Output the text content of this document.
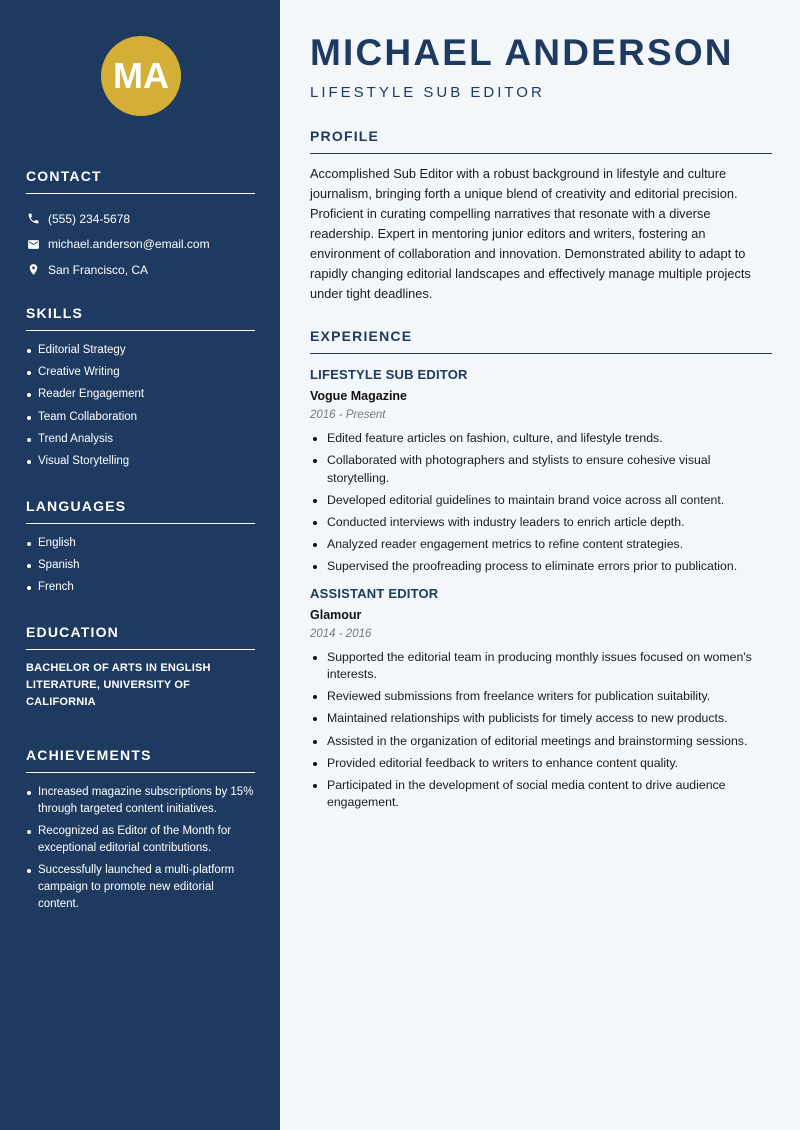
MA
CONTACT
(555) 234-5678
michael.anderson@email.com
San Francisco, CA
SKILLS
Editorial Strategy
Creative Writing
Reader Engagement
Team Collaboration
Trend Analysis
Visual Storytelling
LANGUAGES
English
Spanish
French
EDUCATION

BACHELOR OF ARTS IN ENGLISH LITERATURE, UNIVERSITY OF CALIFORNIA

ACHIEVEMENTS
Increased magazine subscriptions by 15% through targeted content initiatives.
Recognized as Editor of the Month for exceptional editorial contributions.
Successfully launched a multi-platform campaign to promote new editorial content.
MICHAEL ANDERSON
LIFESTYLE SUB EDITOR
PROFILE

Accomplished Sub Editor with a robust background in lifestyle and culture journalism, bringing forth a unique blend of creativity and editorial precision. Proficient in curating compelling narratives that resonate with a diverse readership. Expert in mentoring junior editors and writers, fostering an environment of collaboration and innovation. Demonstrated ability to adapt to rapidly changing editorial landscapes and effectively manage multiple projects under tight deadlines.

EXPERIENCE
LIFESTYLE SUB EDITOR
Vogue Magazine
2016 - Present
Edited feature articles on fashion, culture, and lifestyle trends.
Collaborated with photographers and stylists to ensure cohesive visual storytelling.
Developed editorial guidelines to maintain brand voice across all content.
Conducted interviews with industry leaders to enrich article depth.
Analyzed reader engagement metrics to refine content strategies.
Supervised the proofreading process to eliminate errors prior to publication.
ASSISTANT EDITOR
Glamour
2014 - 2016
Supported the editorial team in producing monthly issues focused on women's interests.
Reviewed submissions from freelance writers for publication suitability.
Maintained relationships with publicists for timely access to new products.
Assisted in the organization of editorial meetings and brainstorming sessions.
Provided editorial feedback to writers to enhance content quality.
Participated in the development of social media content to drive audience engagement.
